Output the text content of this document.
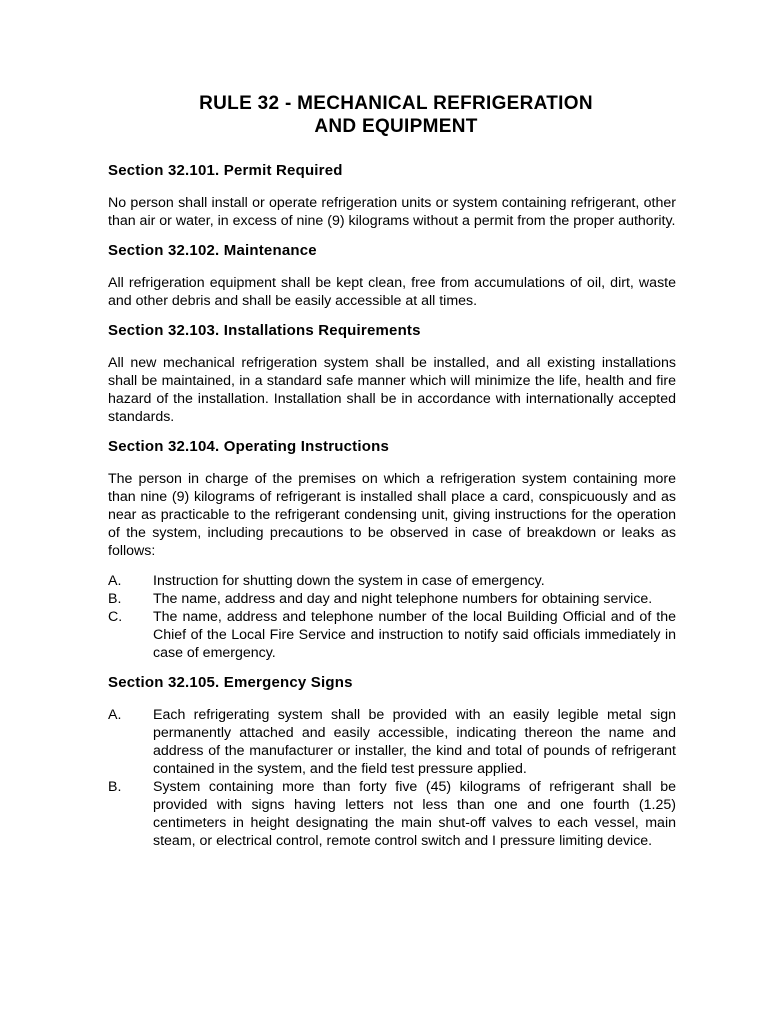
RULE 32 - MECHANICAL REFRIGERATION
AND EQUIPMENT
Section 32.101. Permit Required

No person shall install or operate refrigeration units or system containing refrigerant, other than air or water, in excess of nine (9) kilograms without a permit from the proper authority.

Section 32.102. Maintenance

All refrigeration equipment shall be kept clean, free from accumulations of oil, dirt, waste and other debris and shall be easily accessible at all times.

Section 32.103. Installations Requirements

All new mechanical refrigeration system shall be installed, and all existing installations shall be maintained, in a standard safe manner which will minimize the life, health and fire hazard of the installation. Installation shall be in accordance with internationally accepted standards.

Section 32.104. Operating Instructions

The person in charge of the premises on which a refrigeration system containing more than nine (9) kilograms of refrigerant is installed shall place a card, conspicuously and as near as practicable to the refrigerant condensing unit, giving instructions for the operation of the system, including precautions to be observed in case of breakdown or leaks as follows:

A.	Instruction for shutting down the system in case of emergency.
B.	The name, address and day and night telephone numbers for obtaining service.
C.	The name, address and telephone number of the local Building Official and of the Chief of the Local Fire Service and instruction to notify said officials immediately in case of emergency.
Section 32.105. Emergency Signs
A.	Each refrigerating system shall be provided with an easily legible metal sign permanently attached and easily accessible, indicating thereon the name and address of the manufacturer or installer, the kind and total of pounds of refrigerant contained in the system, and the field test pressure applied.
B.	System containing more than forty five (45) kilograms of refrigerant shall be provided with signs having letters not less than one and one fourth (1.25) centimeters in height designating the main shut-off valves to each vessel, main steam, or electrical control, remote control switch and I pressure limiting device.
